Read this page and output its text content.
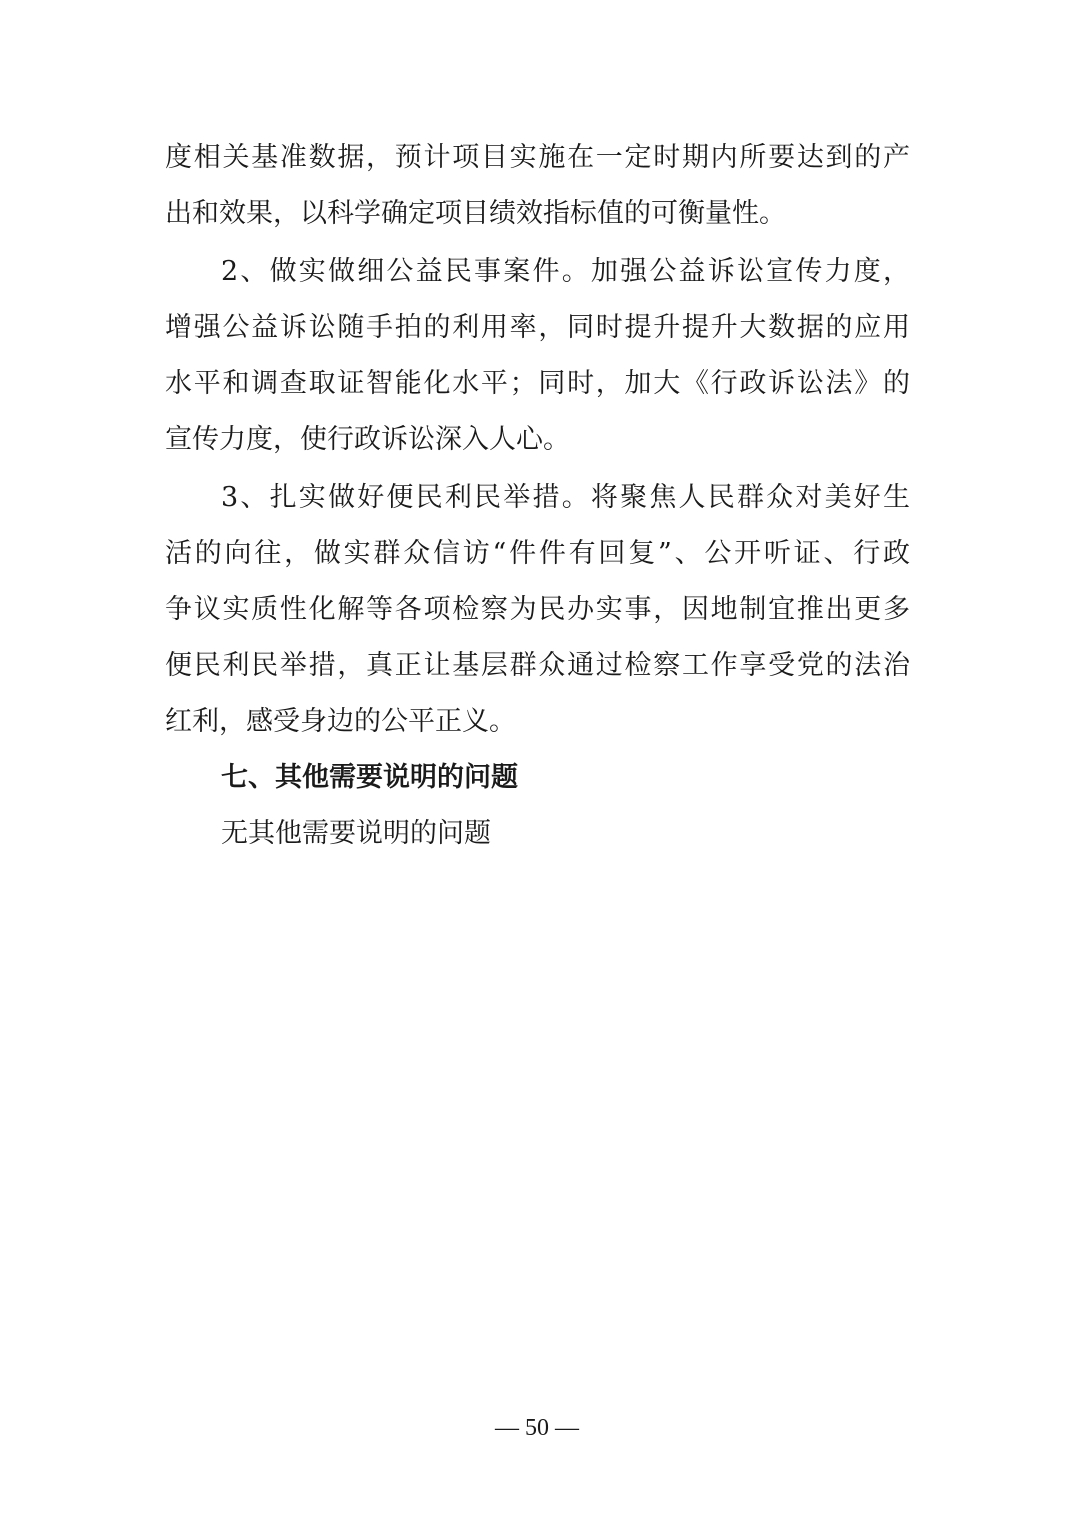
度相关基准数据，预计项目实施在一定时期内所要达到的产
出和效果，以科学确定项目绩效指标值的可衡量性。
2、做实做细公益民事案件。加强公益诉讼宣传力度，
增强公益诉讼随手拍的利用率，同时提升提升大数据的应用
水平和调查取证智能化水平；同时，加大《行政诉讼法》的
宣传力度，使行政诉讼深入人心。
3、扎实做好便民利民举措。将聚焦人民群众对美好生
活的向往，做实群众信访“件件有回复”、公开听证、行政
争议实质性化解等各项检察为民办实事，因地制宜推出更多
便民利民举措，真正让基层群众通过检察工作享受党的法治
红利，感受身边的公平正义。
七、其他需要说明的问题
无其他需要说明的问题
— 50 —
